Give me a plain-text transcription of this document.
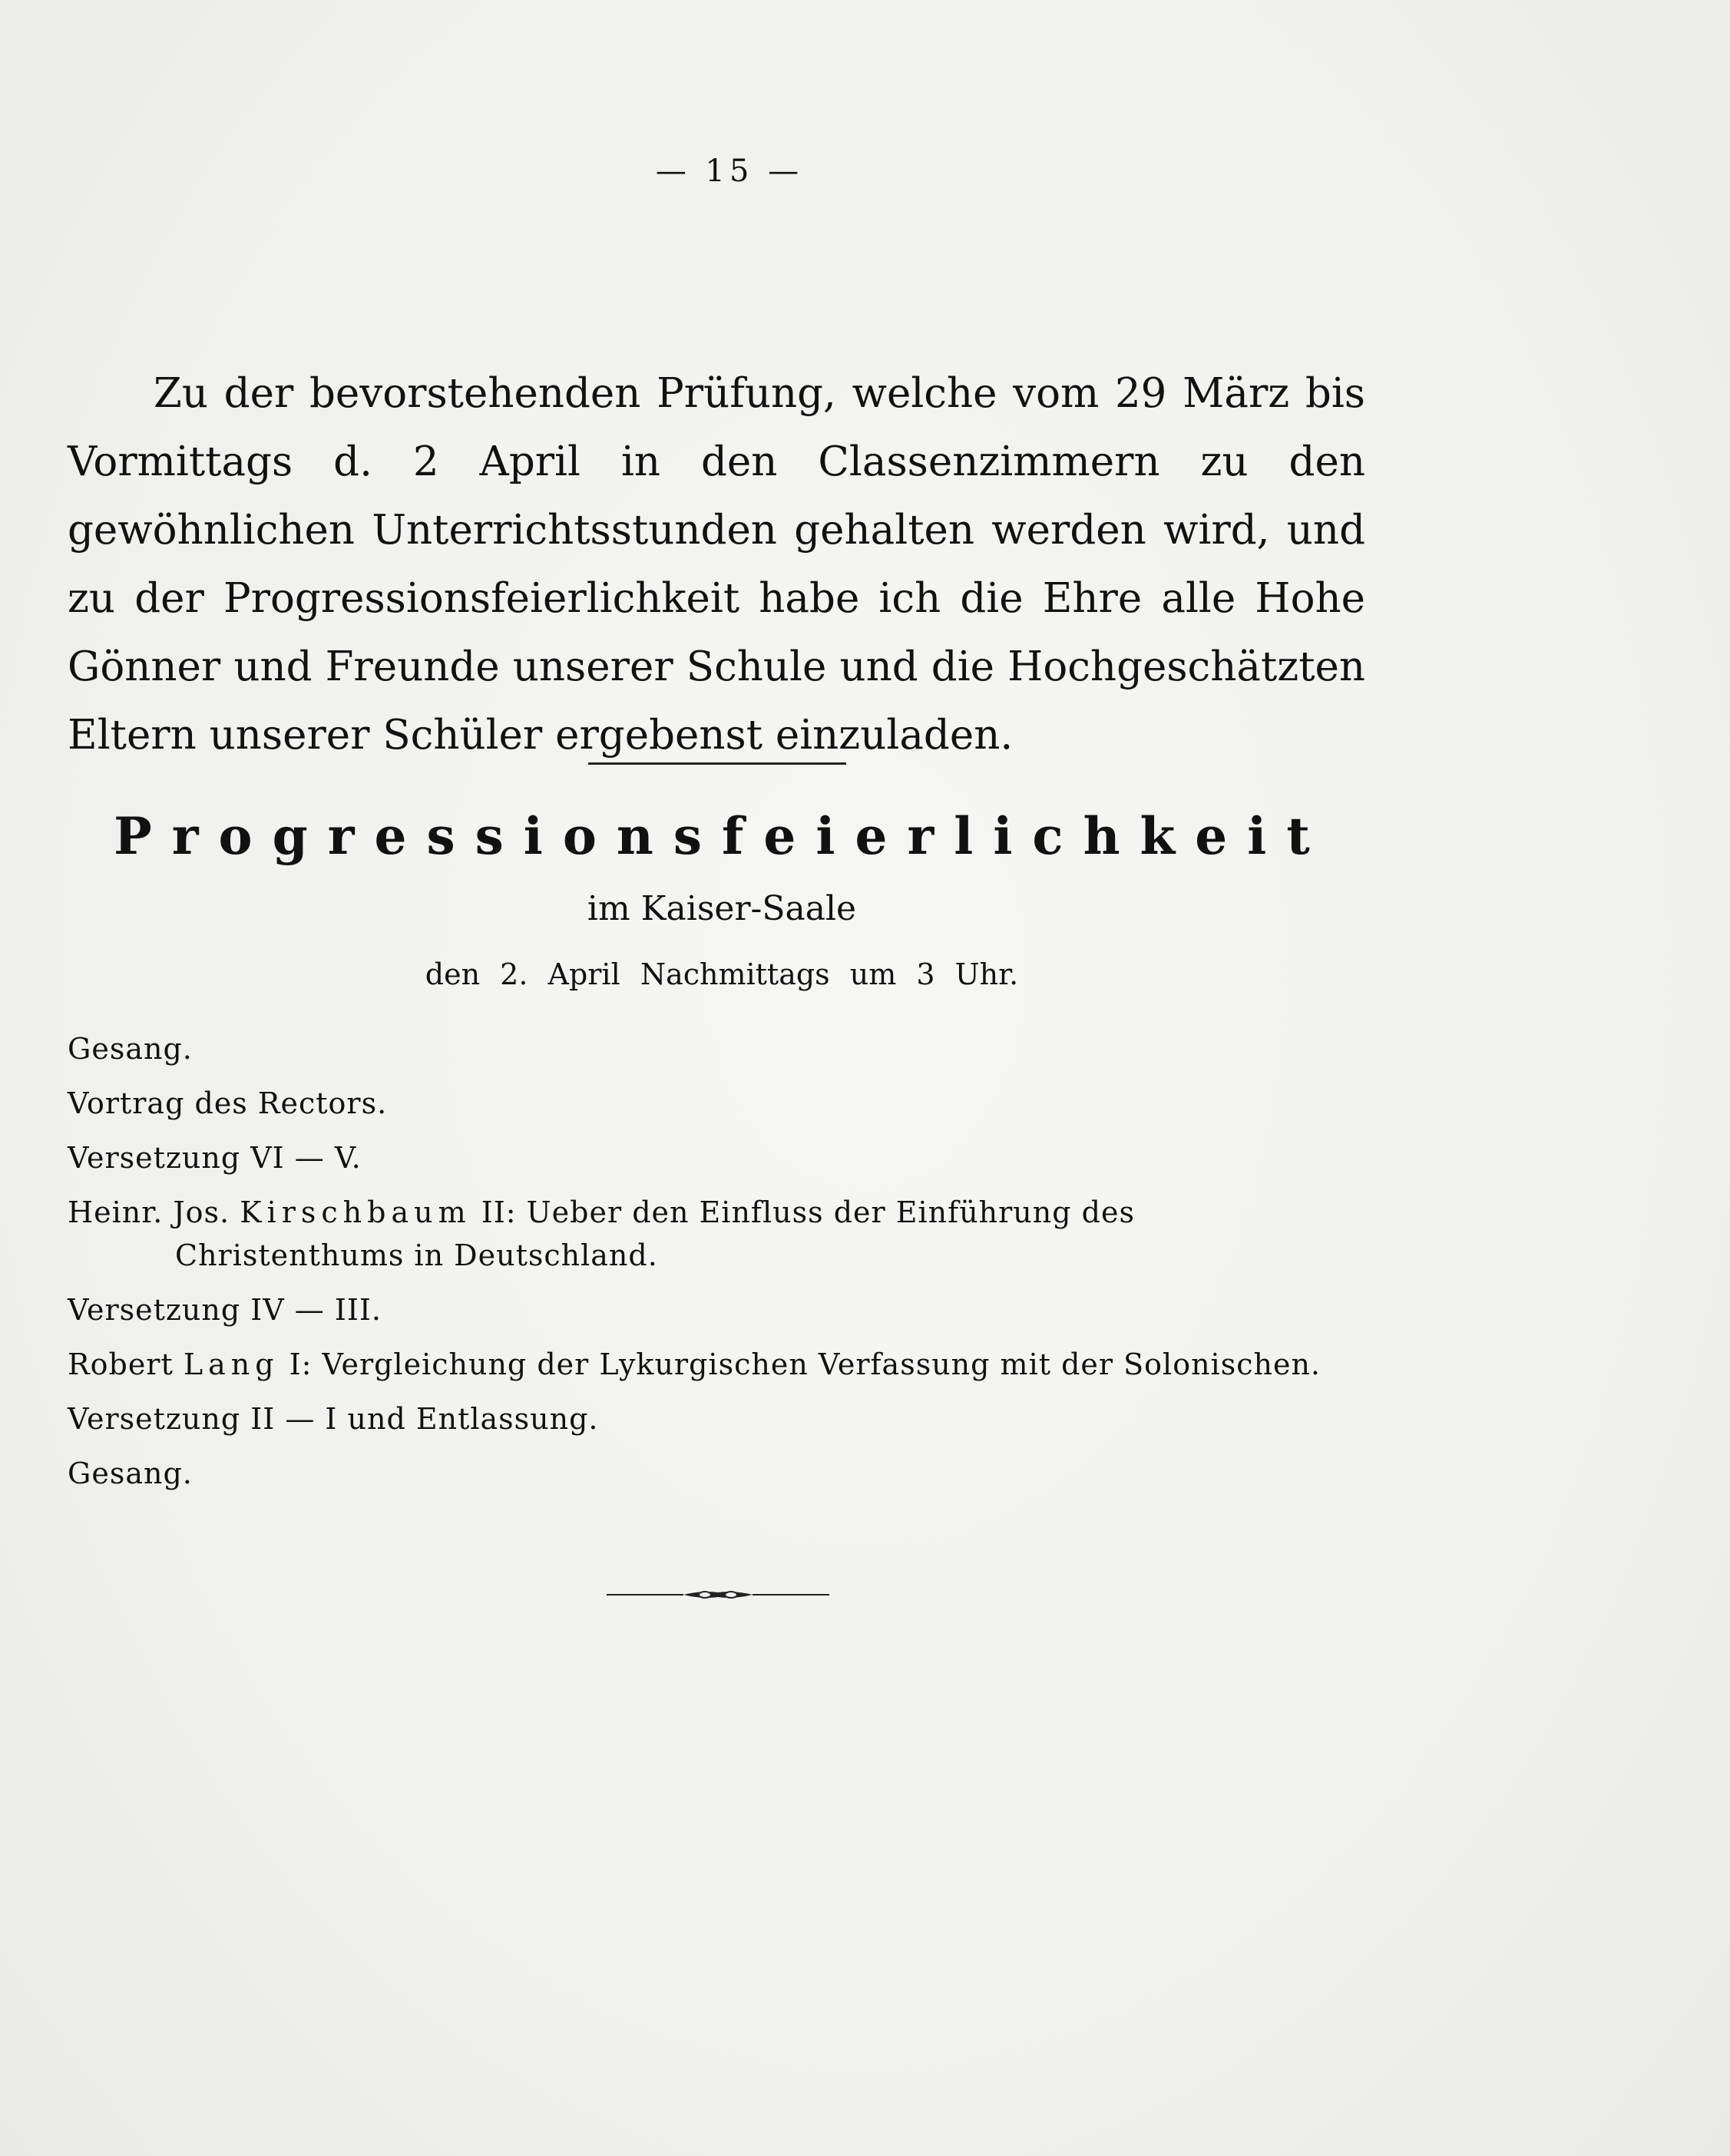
— 15 —

Zu der bevorstehenden Prüfung, welche vom 29 März bis Vormittags d. 2 April in den Classenzimmern zu den gewöhnlichen Unterrichtsstunden gehalten werden wird, und zu der Progressionsfeierlichkeit habe ich die Ehre alle Hohe Gönner und Freunde unserer Schule und die Hochgeschätzten Eltern unserer Schüler ergebenst einzuladen.

Progressionsfeierlichkeit
im Kaiser-Saale
den 2. April Nachmittags um 3 Uhr.
Gesang.
Vortrag des Rectors.
Versetzung VI — V.
Heinr. Jos. Kirschbaum II: Ueber den Einfluss der Einführung des Christenthums in Deutschland.
Versetzung IV — III.
Robert Lang I: Vergleichung der Lykurgischen Verfassung mit der Solonischen.
Versetzung II — I und Entlassung.
Gesang.
